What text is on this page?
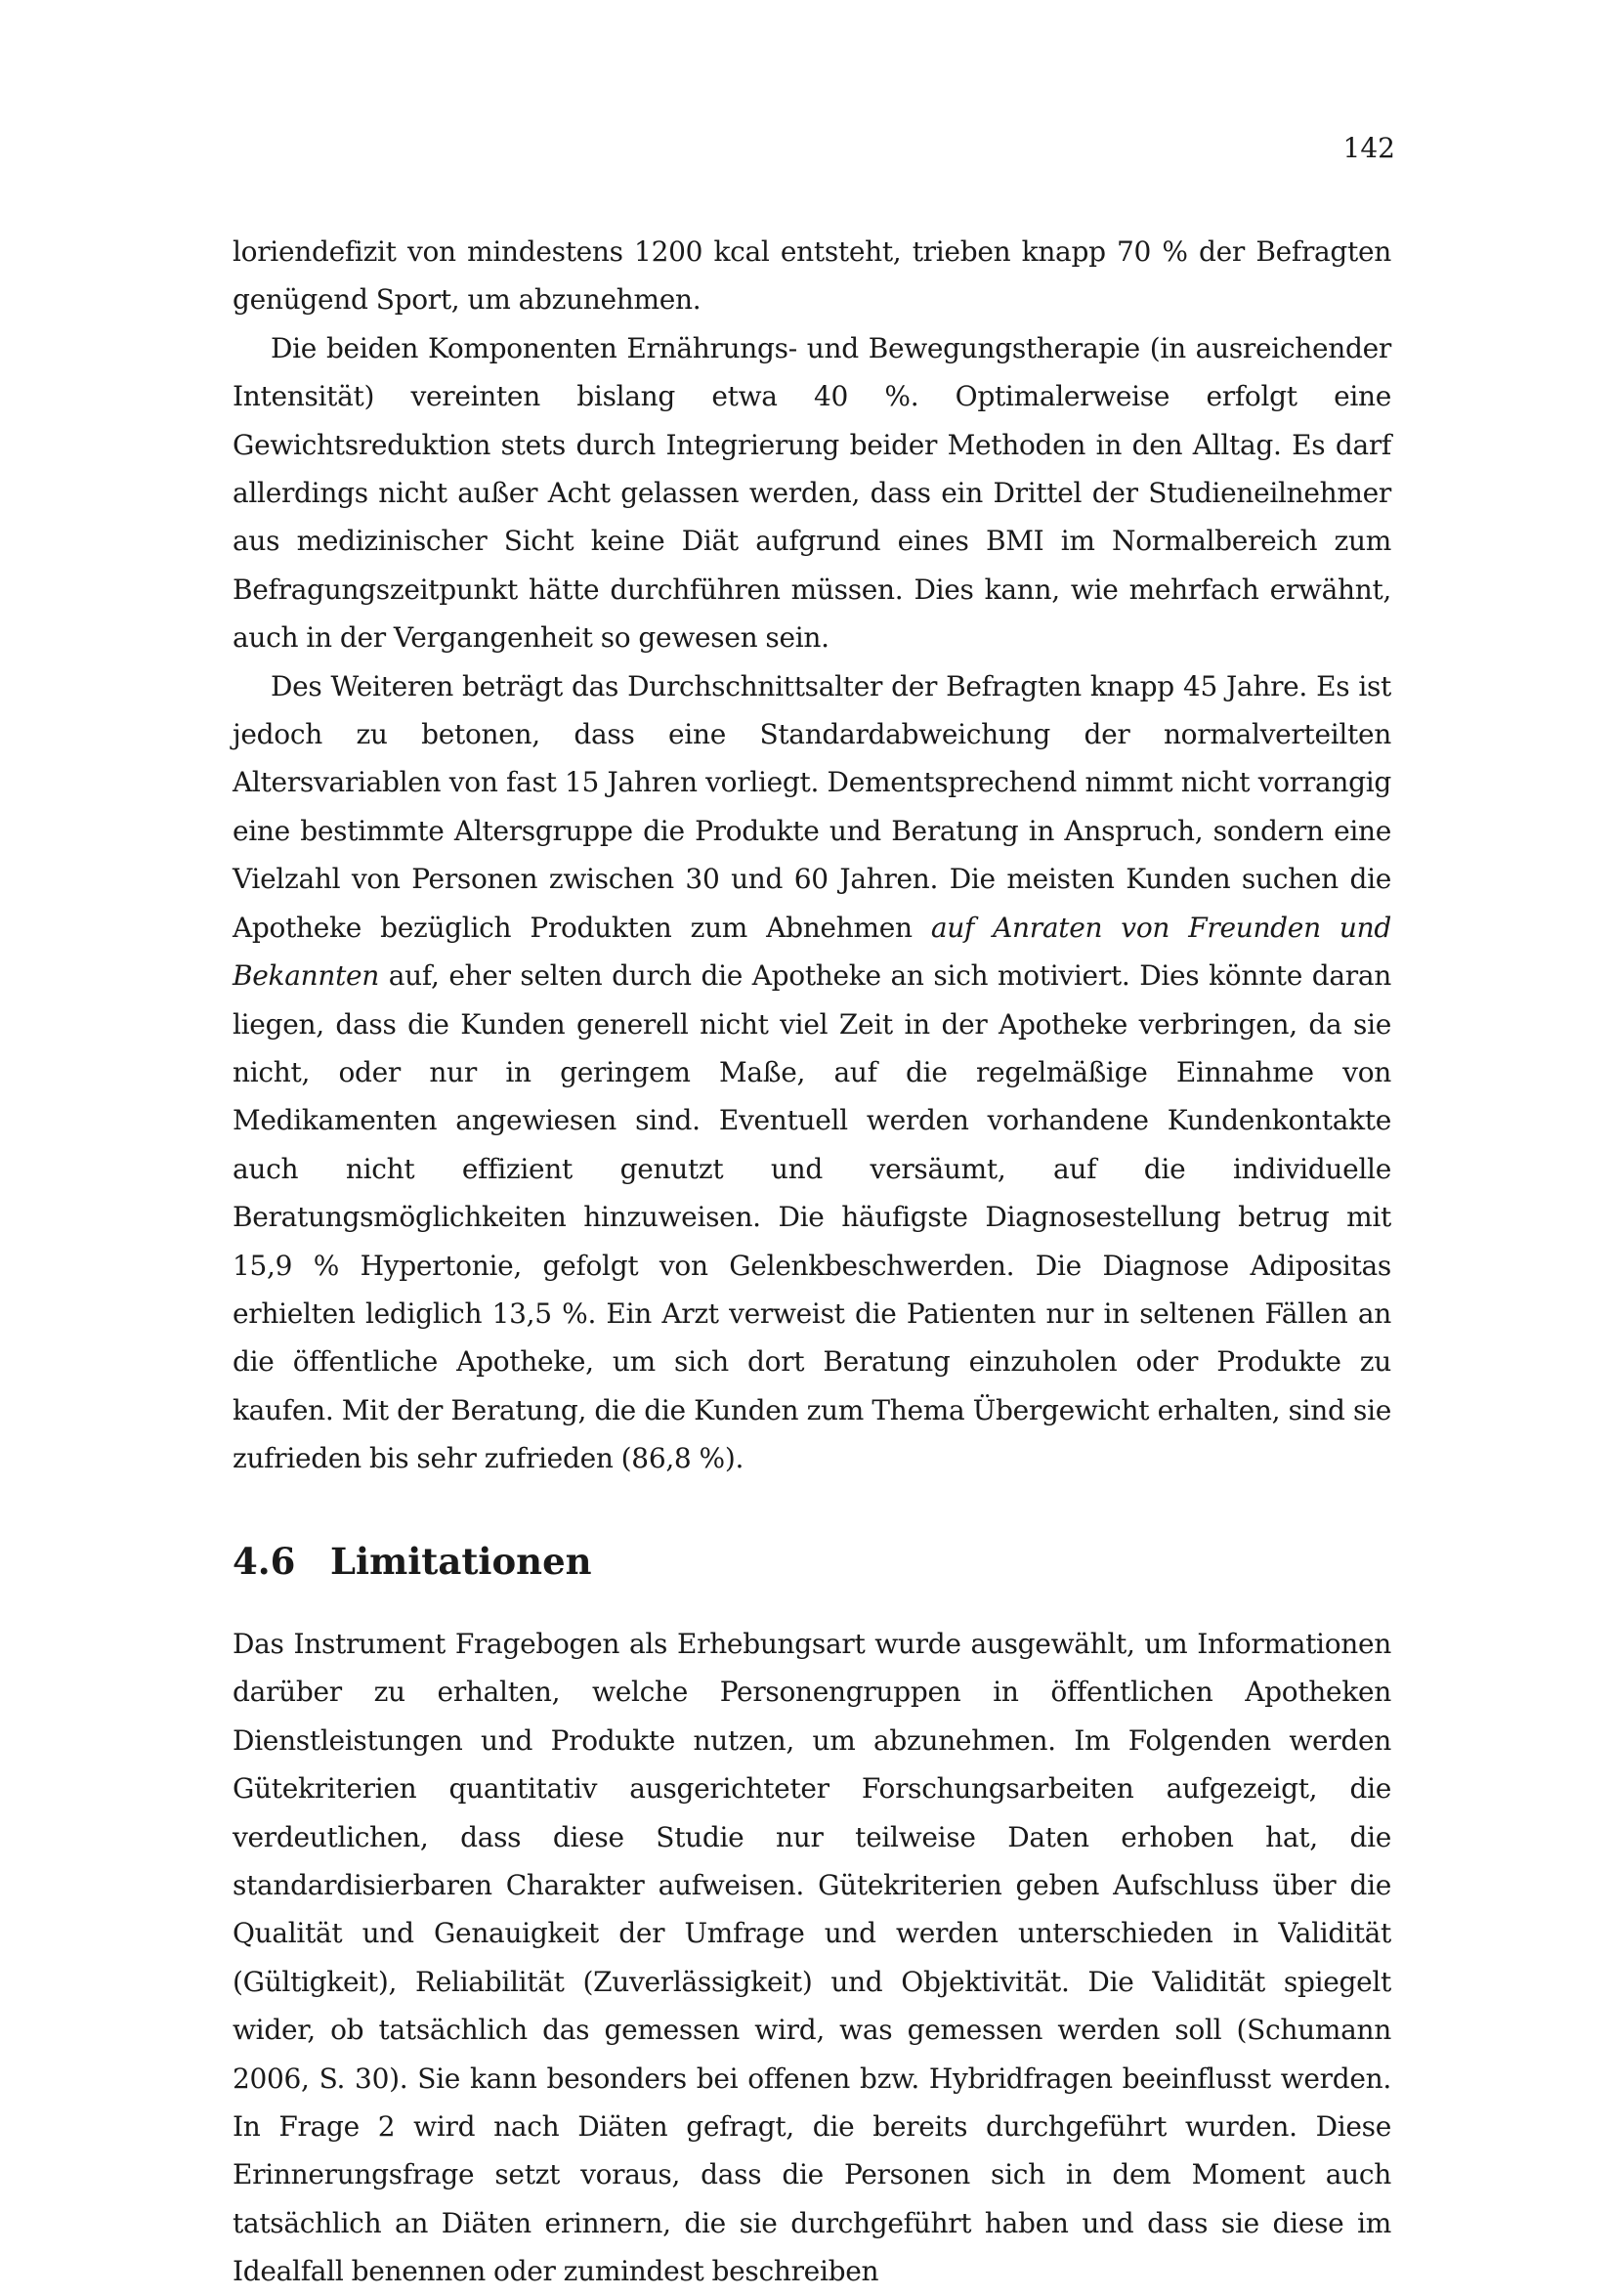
142

loriendefizit von mindestens 1200 kcal entsteht, trieben knapp 70 % der Befragten genügend Sport, um abzunehmen.

Die beiden Komponenten Ernährungs- und Bewegungstherapie (in ausreichender Intensität) vereinten bislang etwa 40 %. Optimalerweise erfolgt eine Gewichtsreduktion stets durch Integrierung beider Methoden in den Alltag. Es darf allerdings nicht außer Acht gelassen werden, dass ein Drittel der Studieneilnehmer aus medizinischer Sicht keine Diät aufgrund eines BMI im Normalbereich zum Befragungszeitpunkt hätte durchführen müssen. Dies kann, wie mehrfach erwähnt, auch in der Vergangenheit so gewesen sein.

Des Weiteren beträgt das Durchschnittsalter der Befragten knapp 45 Jahre. Es ist jedoch zu betonen, dass eine Standardabweichung der normalverteilten Altersvariablen von fast 15 Jahren vorliegt. Dementsprechend nimmt nicht vorrangig eine bestimmte Altersgruppe die Produkte und Beratung in Anspruch, sondern eine Vielzahl von Personen zwischen 30 und 60 Jahren. Die meisten Kunden suchen die Apotheke bezüglich Produkten zum Abnehmen auf Anraten von Freunden und Bekannten auf, eher selten durch die Apotheke an sich motiviert. Dies könnte daran liegen, dass die Kunden generell nicht viel Zeit in der Apotheke verbringen, da sie nicht, oder nur in geringem Maße, auf die regelmäßige Einnahme von Medikamenten angewiesen sind. Eventuell werden vorhandene Kundenkontakte auch nicht effizient genutzt und versäumt, auf die individuelle Beratungsmöglichkeiten hinzuweisen. Die häufigste Diagnosestellung betrug mit 15,9 % Hypertonie, gefolgt von Gelenkbeschwerden. Die Diagnose Adipositas erhielten lediglich 13,5 %. Ein Arzt verweist die Patienten nur in seltenen Fällen an die öffentliche Apotheke, um sich dort Beratung einzuholen oder Produkte zu kaufen. Mit der Beratung, die die Kunden zum Thema Übergewicht erhalten, sind sie zufrieden bis sehr zufrieden (86,8 %).

4.6 Limitationen

Das Instrument Fragebogen als Erhebungsart wurde ausgewählt, um Informationen darüber zu erhalten, welche Personengruppen in öffentlichen Apotheken Dienstleistungen und Produkte nutzen, um abzunehmen. Im Folgenden werden Gütekriterien quantitativ ausgerichteter Forschungsarbeiten aufgezeigt, die verdeutlichen, dass diese Studie nur teilweise Daten erhoben hat, die standardisierbaren Charakter aufweisen. Gütekriterien geben Aufschluss über die Qualität und Genauigkeit der Umfrage und werden unterschieden in Validität (Gültigkeit), Reliabilität (Zuverlässigkeit) und Objektivität. Die Validität spiegelt wider, ob tatsächlich das gemessen wird, was gemessen werden soll (Schumann 2006, S. 30). Sie kann besonders bei offenen bzw. Hybridfragen beeinflusst werden. In Frage 2 wird nach Diäten gefragt, die bereits durchgeführt wurden. Diese Erinnerungsfrage setzt voraus, dass die Personen sich in dem Moment auch tatsächlich an Diäten erinnern, die sie durchgeführt haben und dass sie diese im Idealfall benennen oder zumindest beschreiben
